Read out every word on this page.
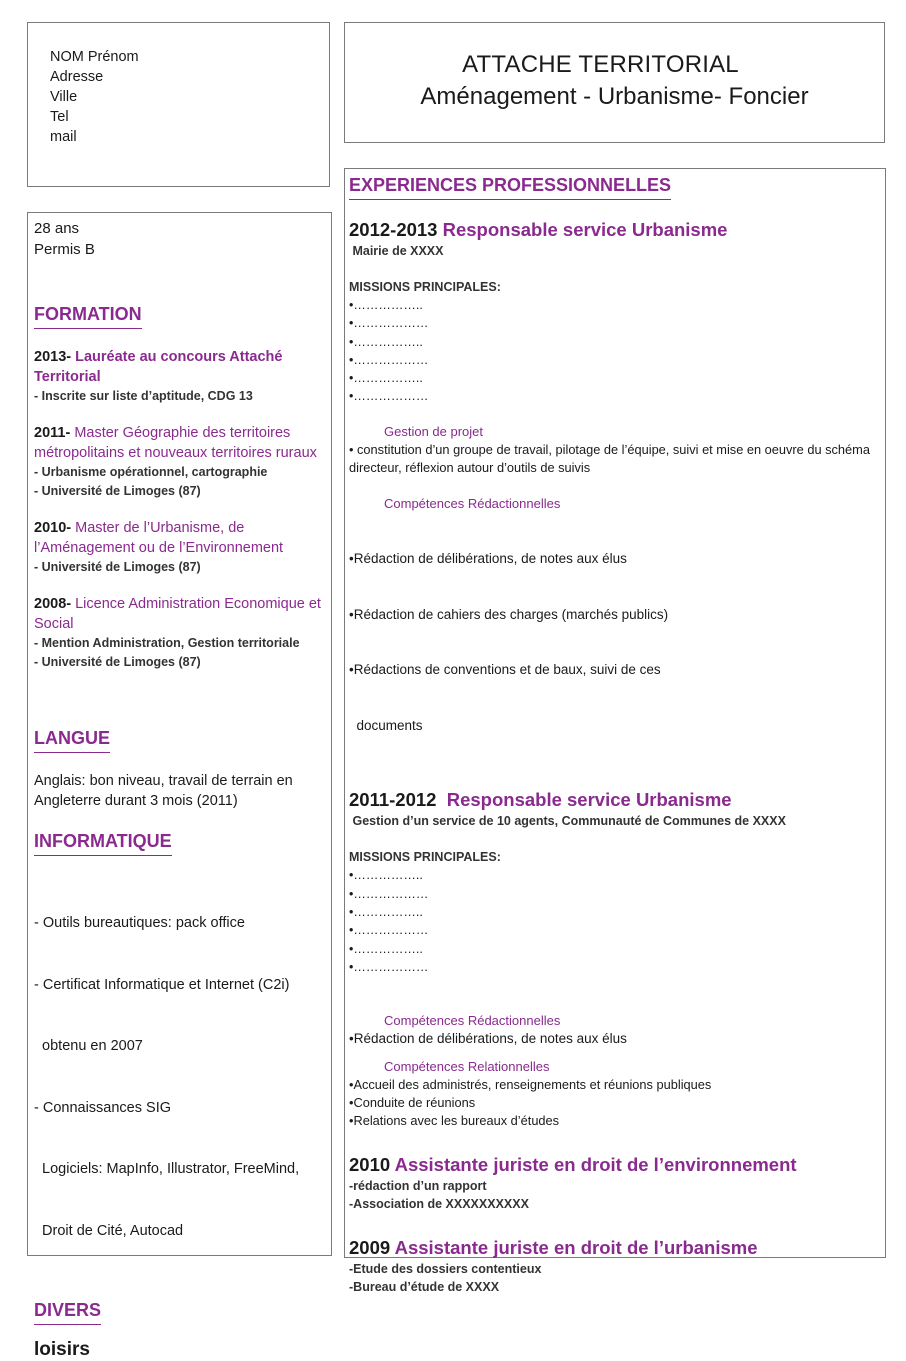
NOM Prénom
Adresse
Ville
Tel
mail
ATTACHE TERRITORIAL
Aménagement - Urbanisme- Foncier
28 ans
Permis B
FORMATION
2013- Lauréate au concours Attaché Territorial
- Inscrite sur liste d’aptitude, CDG 13
2011- Master Géographie des territoires métropolitains et nouveaux territoires ruraux
- Urbanisme opérationnel, cartographie
- Université de Limoges (87)
2010- Master de l’Urbanisme, de l’Aménagement ou de l’Environnement
- Université de Limoges (87)
2008- Licence Administration Economique et Social
- Mention Administration, Gestion territoriale
- Université de Limoges (87)
LANGUE
Anglais: bon niveau, travail de terrain en Angleterre durant 3 mois (2011)
INFORMATIQUE

- Outils bureautiques: pack office

- Certificat Informatique et Internet (C2i)

obtenu en 2007

- Connaissances SIG

Logiciels: MapInfo, Illustrator, FreeMind,

Droit de Cité, Autocad

DIVERS
loisirs
EXPERIENCES PROFESSIONNELLES
2012-2013 Responsable service Urbanisme
Mairie de XXXX
MISSIONS PRINCIPALES:
•……………..
•………………
•……………..
•………………
•……………..
•………………
Gestion de projet
• constitution d’un groupe de travail, pilotage de l’équipe, suivi et mise en oeuvre du schéma directeur, réflexion autour d’outils de suivis
Compétences Rédactionnelles

•Rédaction de délibérations, de notes aux élus

•Rédaction de cahiers des charges (marchés publics)

•Rédactions de conventions et de baux, suivi de ces

documents

2011-2012  Responsable service Urbanisme
Gestion d’un service de 10 agents, Communauté de Communes de XXXX
MISSIONS PRINCIPALES:
•……………..
•………………
•……………..
•………………
•……………..
•………………
Compétences Rédactionnelles
•Rédaction de délibérations, de notes aux élus
Compétences Relationnelles
•Accueil des administrés, renseignements et réunions publiques
•Conduite de réunions
•Relations avec les bureaux d’études
2010 Assistante juriste en droit de l’environnement
-rédaction d’un rapport
-Association de XXXXXXXXXX
2009 Assistante juriste en droit de l’urbanisme
-Etude des dossiers contentieux
-Bureau d’étude de XXXX
